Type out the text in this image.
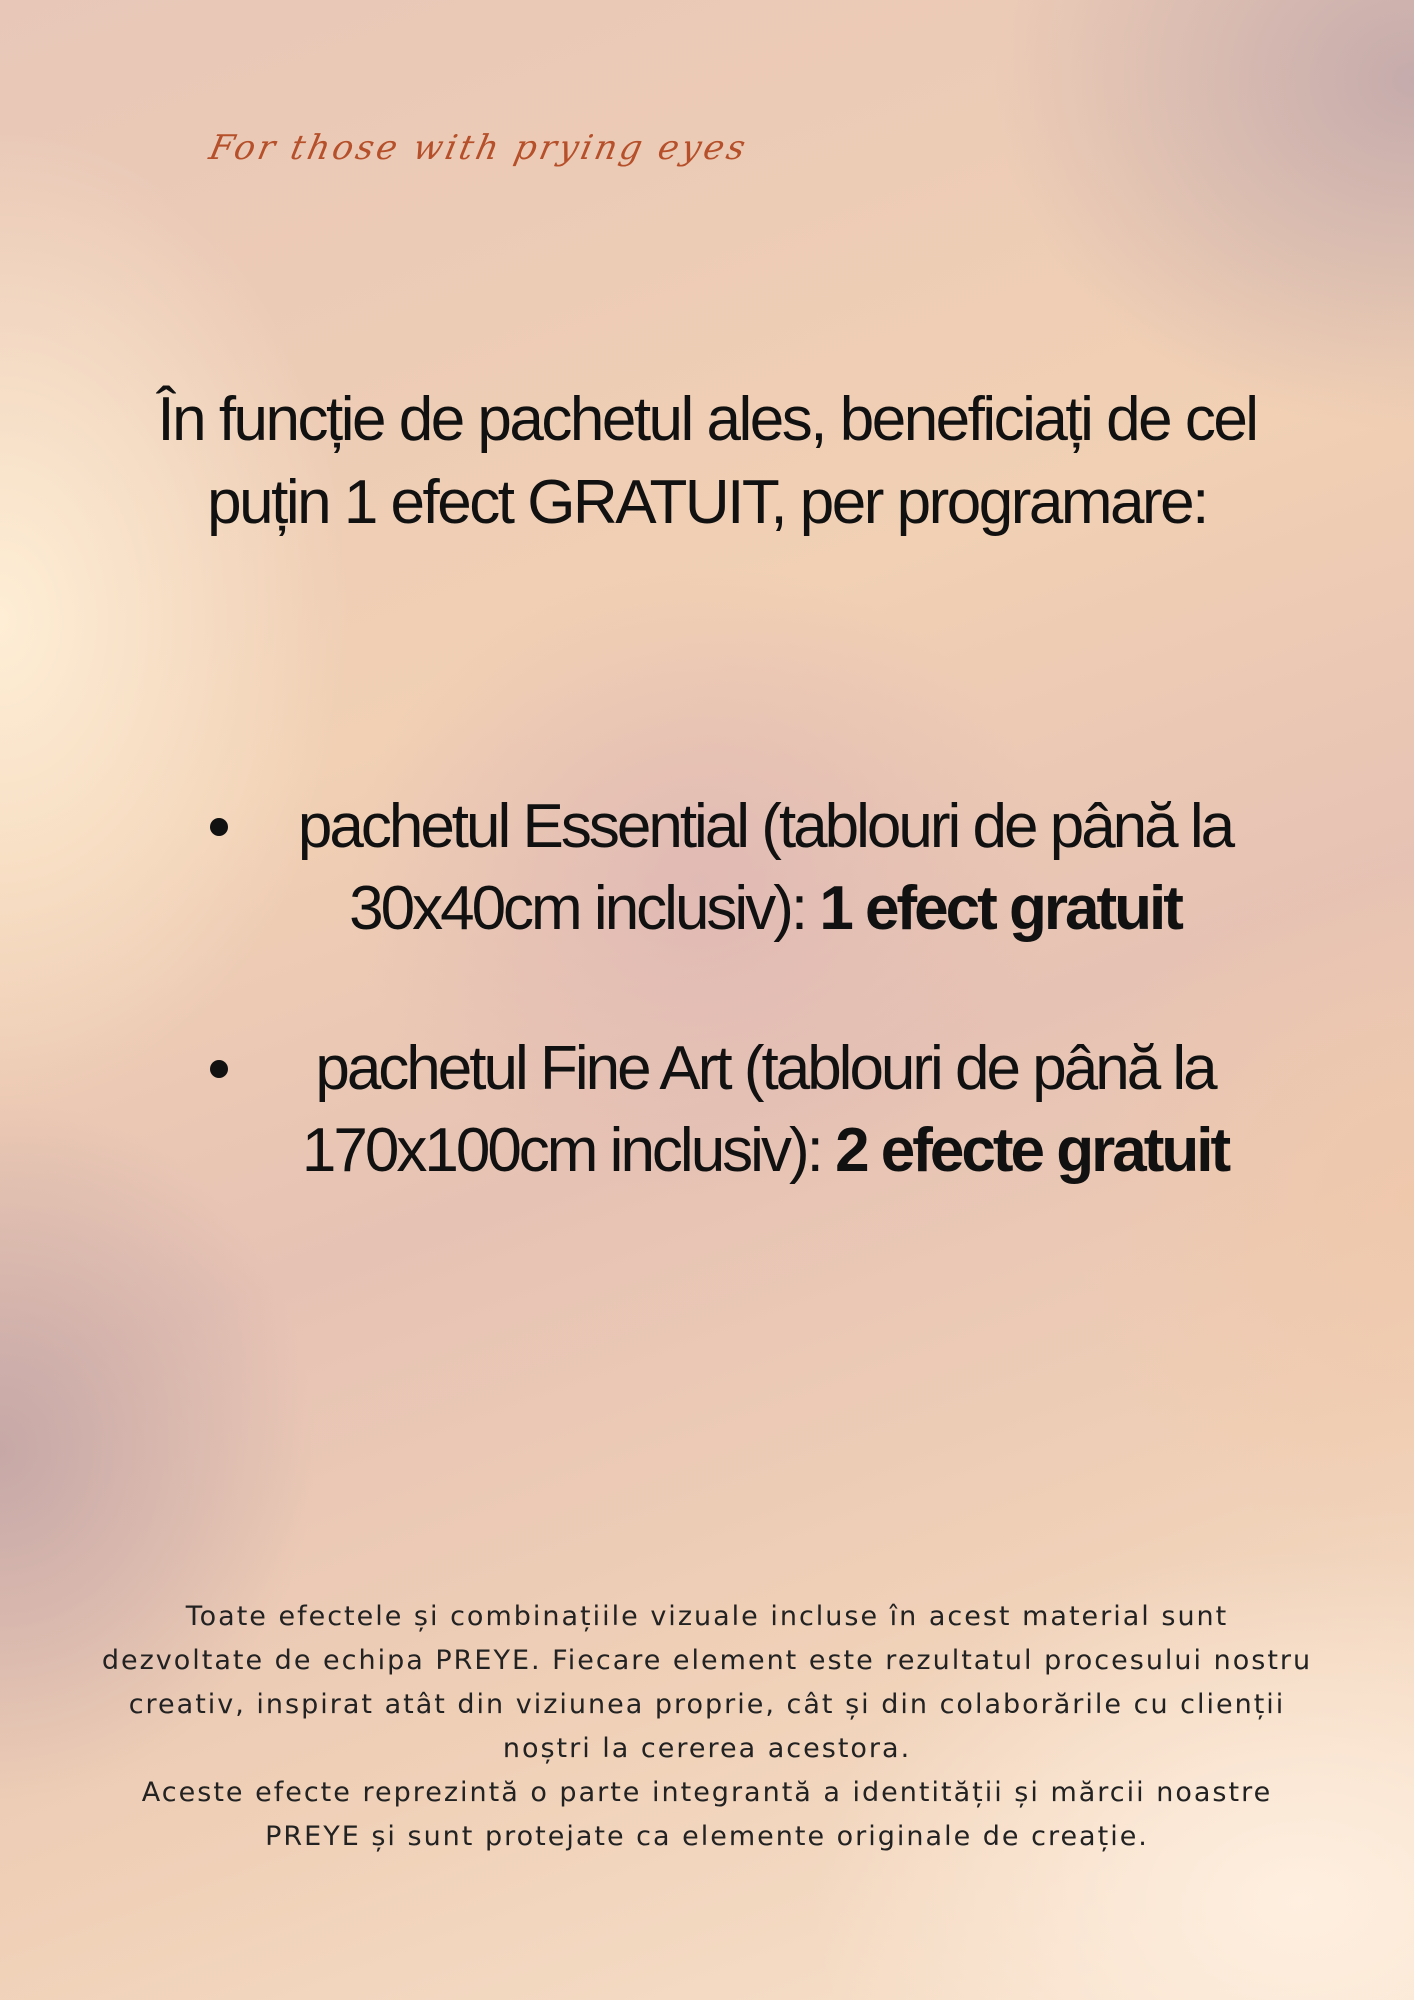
For those with prying eyes
În funcție de pachetul ales, beneficiați de cel puțin 1 efect GRATUIT, per programare:
pachetul Essential (tablouri de până la 30x40cm inclusiv): 1 efect gratuit
pachetul Fine Art (tablouri de până la 170x100cm inclusiv): 2 efecte gratuit

Toate efectele și combinațiile vizuale incluse în acest material sunt dezvoltate de echipa PREYE. Fiecare element este rezultatul procesului nostru creativ, inspirat atât din viziunea proprie, cât și din colaborările cu clienții noștri la cererea acestora.

Aceste efecte reprezintă o parte integrantă a identității și mărcii noastre PREYE și sunt protejate ca elemente originale de creație.
